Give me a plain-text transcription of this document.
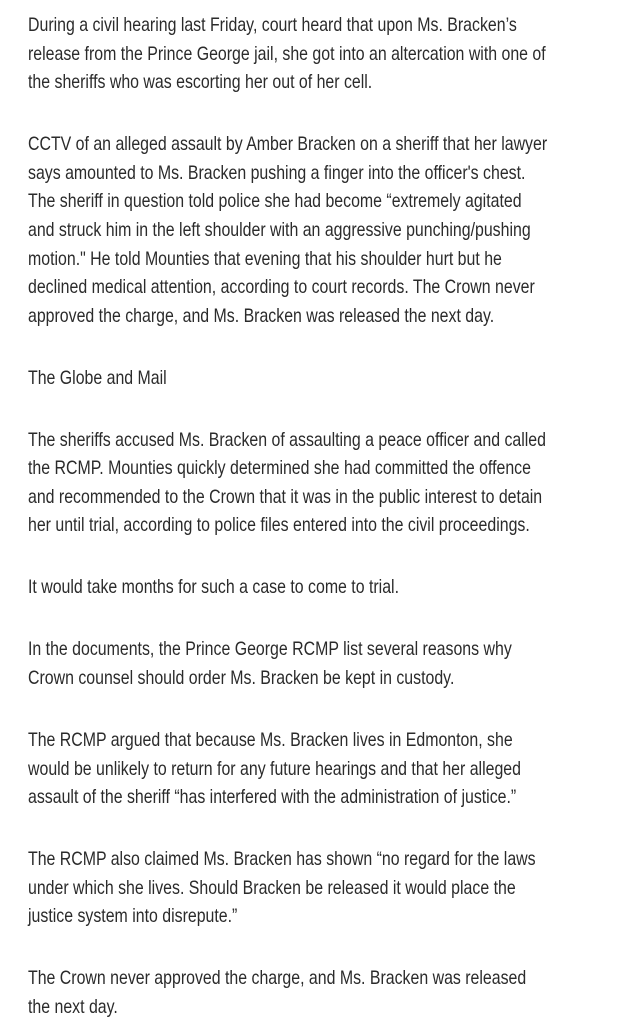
During a civil hearing last Friday, court heard that upon Ms. Bracken’s
release from the Prince George jail, she got into an altercation with one of
the sheriffs who was escorting her out of her cell.

CCTV of an alleged assault by Amber Bracken on a sheriff that her lawyer
says amounted to Ms. Bracken pushing a finger into the officer's chest.
The sheriff in question told police she had become “extremely agitated
and struck him in the left shoulder with an aggressive punching/pushing
motion." He told Mounties that evening that his shoulder hurt but he
declined medical attention, according to court records. The Crown never
approved the charge, and Ms. Bracken was released the next day.

The Globe and Mail

The sheriffs accused Ms. Bracken of assaulting a peace officer and called
the RCMP. Mounties quickly determined she had committed the offence
and recommended to the Crown that it was in the public interest to detain
her until trial, according to police files entered into the civil proceedings.

It would take months for such a case to come to trial.

In the documents, the Prince George RCMP list several reasons why
Crown counsel should order Ms. Bracken be kept in custody.

The RCMP argued that because Ms. Bracken lives in Edmonton, she
would be unlikely to return for any future hearings and that her alleged
assault of the sheriff “has interfered with the administration of justice.”

The RCMP also claimed Ms. Bracken has shown “no regard for the laws
under which she lives. Should Bracken be released it would place the
justice system into disrepute.”

The Crown never approved the charge, and Ms. Bracken was released
the next day.
